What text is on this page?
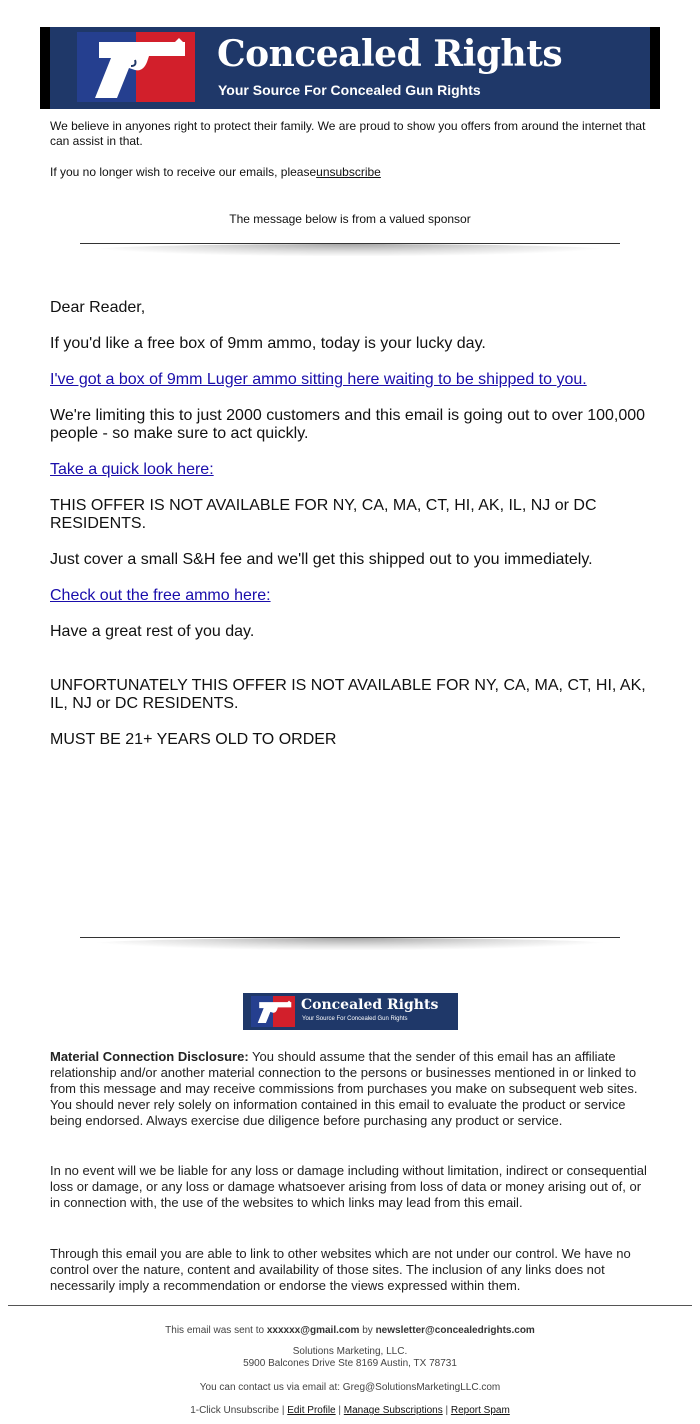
Concealed Rights
Your Source For Concealed Gun Rights
We believe in anyones right to protect their family. We are proud to show you offers from around the internet that can assist in that.
If you no longer wish to receive our emails, pleaseunsubscribe
The message below is from a valued sponsor
Dear Reader,
If you'd like a free box of 9mm ammo, today is your lucky day.
I've got a box of 9mm Luger ammo sitting here waiting to be shipped to you.
We're limiting this to just 2000 customers and this email is going out to over 100,000 people - so make sure to act quickly.
Take a quick look here:
THIS OFFER IS NOT AVAILABLE FOR NY, CA, MA, CT, HI, AK, IL, NJ or DC RESIDENTS.
Just cover a small S&H fee and we'll get this shipped out to you immediately.
Check out the free ammo here:
Have a great rest of you day.
UNFORTUNATELY THIS OFFER IS NOT AVAILABLE FOR NY, CA, MA, CT, HI, AK, IL, NJ or DC RESIDENTS.
MUST BE 21+ YEARS OLD TO ORDER
Concealed Rights
Your Source For Concealed Gun Rights
Material Connection Disclosure: You should assume that the sender of this email has an affiliate relationship and/or another material connection to the persons or businesses mentioned in or linked to from this message and may receive commissions from purchases you make on subsequent web sites. You should never rely solely on information contained in this email to evaluate the product or service being endorsed. Always exercise due diligence before purchasing any product or service.
In no event will we be liable for any loss or damage including without limitation, indirect or consequential loss or damage, or any loss or damage whatsoever arising from loss of data or money arising out of, or in connection with, the use of the websites to which links may lead from this email.
Through this email you are able to link to other websites which are not under our control. We have no control over the nature, content and availability of those sites. The inclusion of any links does not necessarily imply a recommendation or endorse the views expressed within them.
This email was sent to xxxxxx@gmail.com by newsletter@concealedrights.com
Solutions Marketing, LLC.
5900 Balcones Drive Ste 8169 Austin, TX 78731
You can contact us via email at: Greg@SolutionsMarketingLLC.com
1-Click Unsubscribe | Edit Profile | Manage Subscriptions | Report Spam
